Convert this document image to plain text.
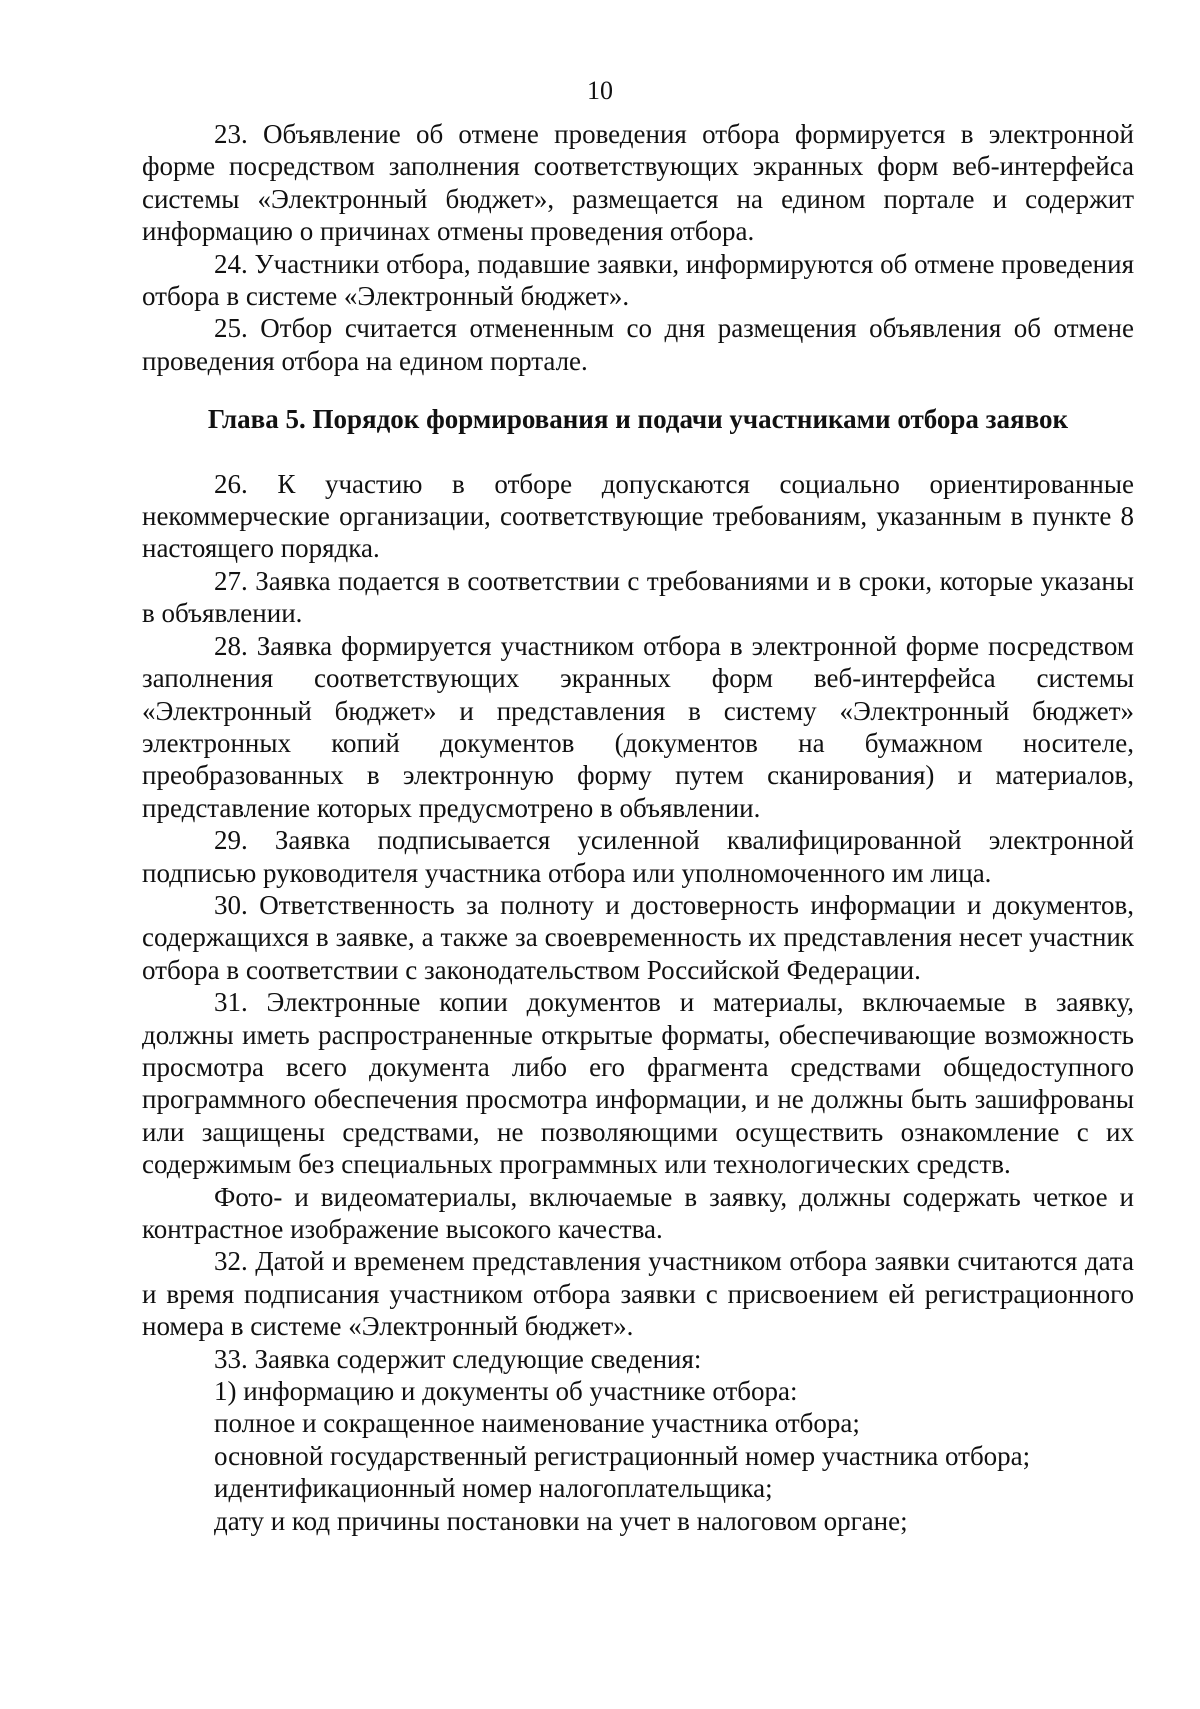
10

23. Объявление об отмене проведения отбора формируется в электронной форме посредством заполнения соответствующих экранных форм веб-интерфейса системы «Электронный бюджет», размещается на едином портале и содержит информацию о причинах отмены проведения отбора.

24. Участники отбора, подавшие заявки, информируются об отмене проведения отбора в системе «Электронный бюджет».

25. Отбор считается отмененным со дня размещения объявления об отмене проведения отбора на едином портале.

Глава 5. Порядок формирования и подачи участниками отбора заявок

26. К участию в отборе допускаются социально ориентированные некоммерческие организации, соответствующие требованиям, указанным в пункте 8 настоящего порядка.

27. Заявка подается в соответствии с требованиями и в сроки, которые указаны в объявлении.

28. Заявка формируется участником отбора в электронной форме посредством заполнения соответствующих экранных форм веб-интерфейса системы «Электронный бюджет» и представления в систему «Электронный бюджет» электронных копий документов (документов на бумажном носителе, преобразованных в электронную форму путем сканирования) и материалов, представление которых предусмотрено в объявлении.

29. Заявка подписывается усиленной квалифицированной электронной подписью руководителя участника отбора или уполномоченного им лица.

30. Ответственность за полноту и достоверность информации и документов, содержащихся в заявке, а также за своевременность их представления несет участник отбора в соответствии с законодательством Российской Федерации.

31. Электронные копии документов и материалы, включаемые в заявку, должны иметь распространенные открытые форматы, обеспечивающие возможность просмотра всего документа либо его фрагмента средствами общедоступного программного обеспечения просмотра информации, и не должны быть зашифрованы или защищены средствами, не позволяющими осуществить ознакомление с их содержимым без специальных программных или технологических средств.

Фото- и видеоматериалы, включаемые в заявку, должны содержать четкое и контрастное изображение высокого качества.

32. Датой и временем представления участником отбора заявки считаются дата и время подписания участником отбора заявки с присвоением ей регистрационного номера в системе «Электронный бюджет».

33. Заявка содержит следующие сведения:

1) информацию и документы об участнике отбора:

полное и сокращенное наименование участника отбора;

основной государственный регистрационный номер участника отбора;

идентификационный номер налогоплательщика;

дату и код причины постановки на учет в налоговом органе;
